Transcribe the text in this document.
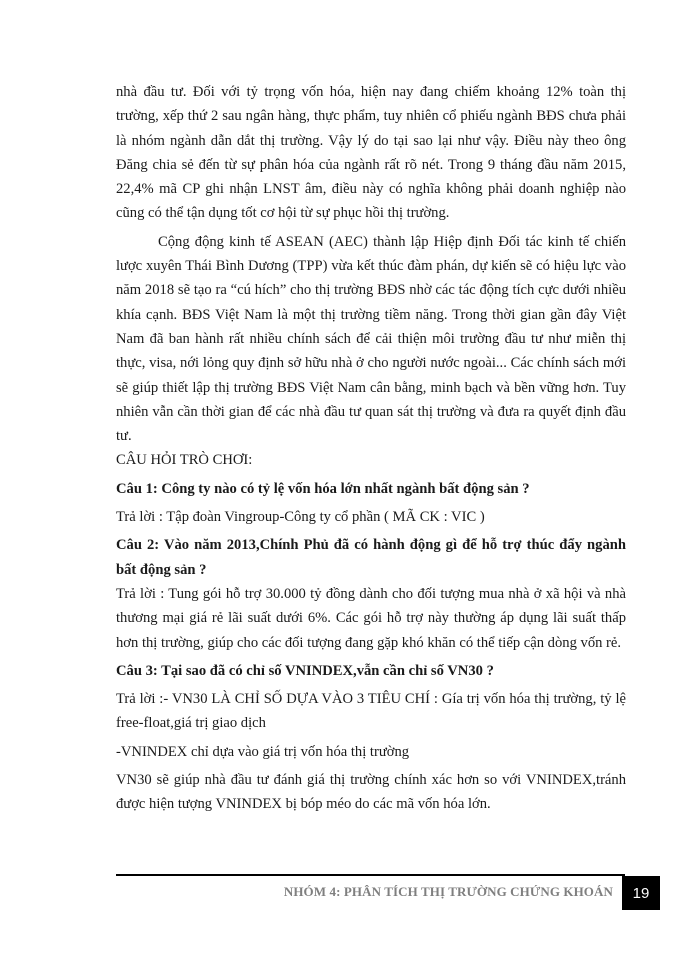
nhà đầu tư. Đối với tỷ trọng vốn hóa, hiện nay đang chiếm khoảng 12% toàn thị trường, xếp thứ 2 sau ngân hàng, thực phẩm, tuy nhiên cổ phiếu ngành BĐS chưa phải là nhóm ngành dẫn dắt thị trường. Vậy lý do tại sao lại như vậy. Điều này theo ông Đăng chia sẻ đến từ sự phân hóa của ngành rất rõ nét. Trong 9 tháng đầu năm 2015, 22,4% mã CP ghi nhận LNST âm, điều này có nghĩa không phải doanh nghiệp nào cũng có thể tận dụng tốt cơ hội từ sự phục hồi thị trường.

Cộng động kinh tế ASEAN (AEC) thành lập Hiệp định Đối tác kinh tế chiến lược xuyên Thái Bình Dương (TPP) vừa kết thúc đàm phán, dự kiến sẽ có hiệu lực vào năm 2018 sẽ tạo ra “cú hích” cho thị trường BĐS nhờ các tác động tích cực dưới nhiều khía cạnh. BĐS Việt Nam là một thị trường tiềm năng. Trong thời gian gần đây Việt Nam đã ban hành rất nhiều chính sách để cải thiện môi trường đầu tư như miễn thị thực, visa, nới lỏng quy định sở hữu nhà ở cho người nước ngoài... Các chính sách mới sẽ giúp thiết lập thị trường BĐS Việt Nam cân bằng, minh bạch và bền vững hơn. Tuy nhiên vẫn cần thời gian để các nhà đầu tư quan sát thị trường và đưa ra quyết định đầu tư.

CÂU HỎI TRÒ CHƠI:

Câu 1: Công ty nào có tỷ lệ vốn hóa lớn nhất ngành bất động sản ?

Trả lời : Tập đoàn Vingroup-Công ty cổ phần ( MÃ CK : VIC )

Câu 2: Vào năm 2013,Chính Phủ đã có hành động gì để hỗ trợ thúc đẩy ngành bất động sản ?

Trả lời : Tung gói hỗ trợ 30.000 tỷ đồng dành cho đối tượng mua nhà ở xã hội và nhà thương mại giá rẻ lãi suất dưới 6%. Các gói hỗ trợ này thường áp dụng lãi suất thấp hơn thị trường, giúp cho các đối tượng đang gặp khó khăn có thể tiếp cận dòng vốn rẻ.

Câu 3: Tại sao đã có chỉ số VNINDEX,vẫn cần chỉ số VN30 ?

Trả lời :- VN30 LÀ CHỈ SỐ DỰA VÀO 3 TIÊU CHÍ : Gía trị vốn hóa thị trường, tỷ lệ free-float,giá trị giao dịch

-VNINDEX chỉ dựa vào giá trị vốn hóa thị trường

VN30 sẽ giúp nhà đầu tư đánh giá thị trường chính xác hơn so với VNINDEX,tránh được hiện tượng VNINDEX bị bóp méo do các mã vốn hóa lớn.

NHÓM 4: PHÂN TÍCH THỊ TRƯỜNG CHỨNG KHOÁN	19
